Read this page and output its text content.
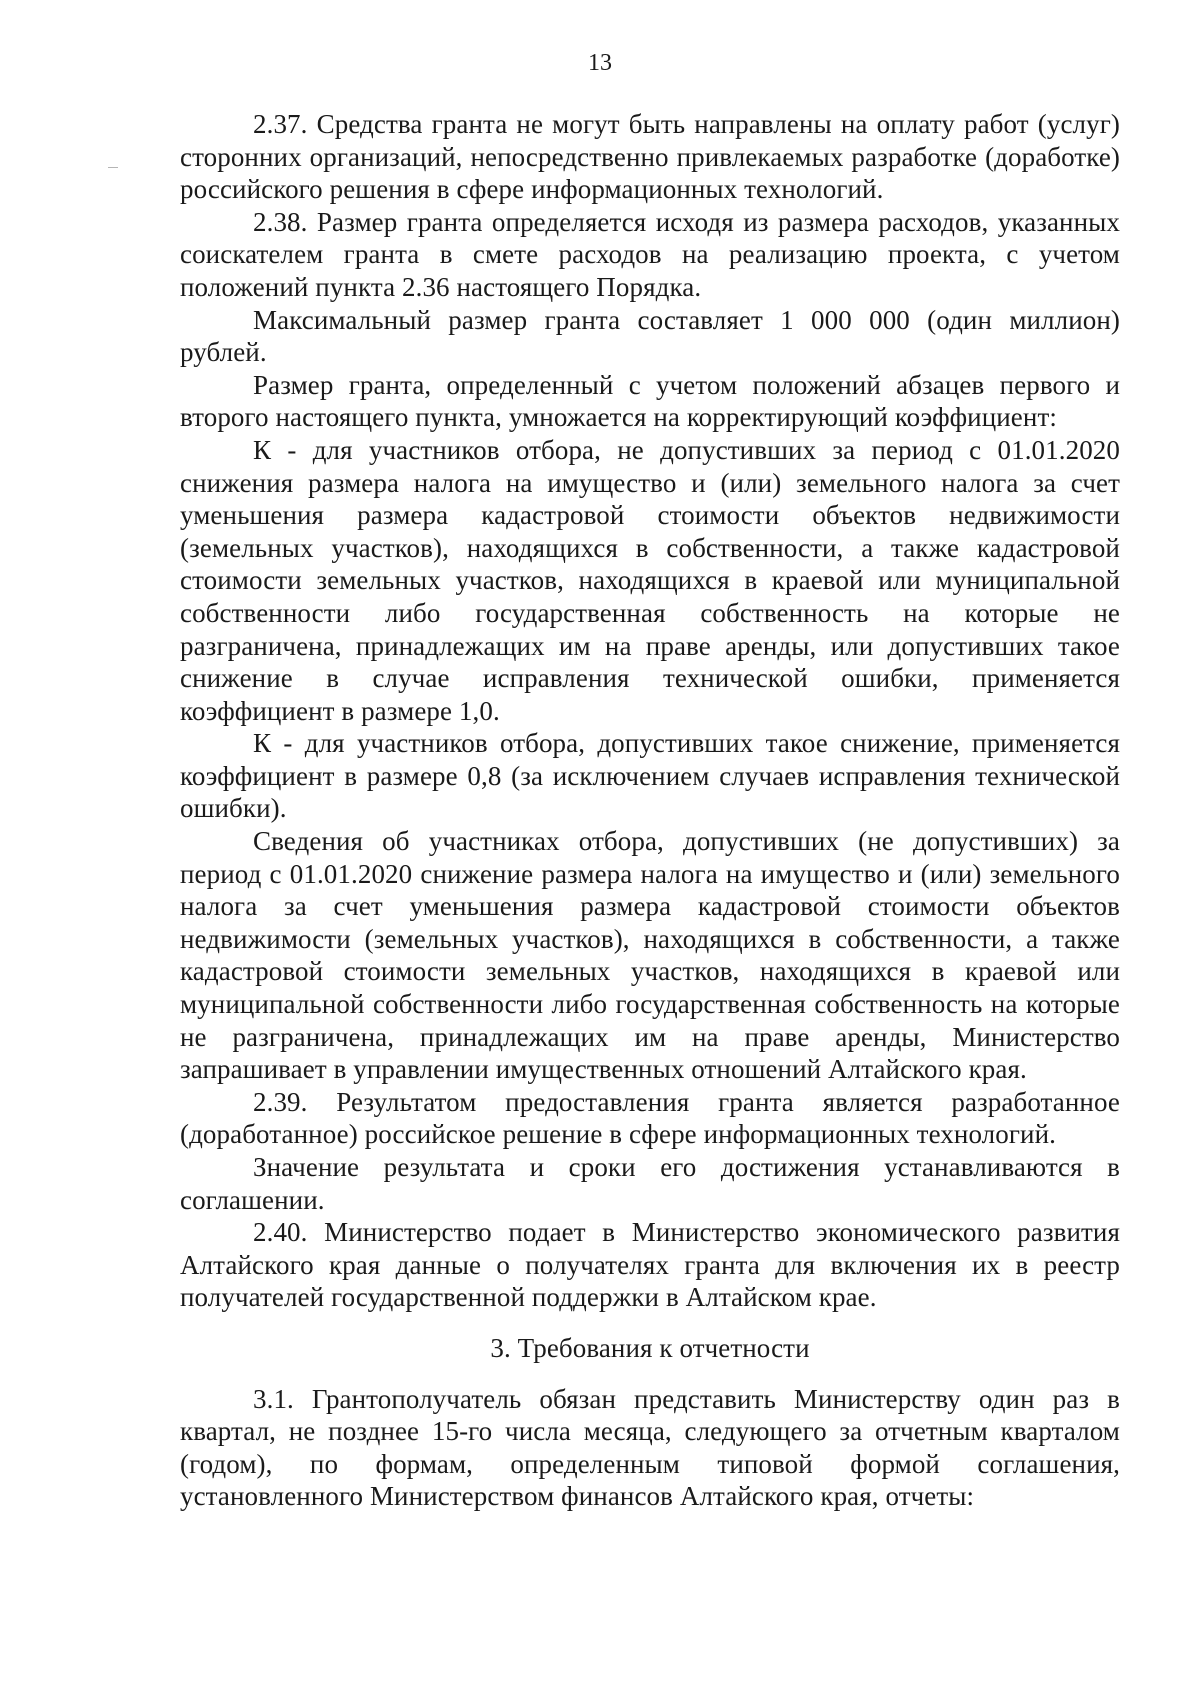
13

2.37. Средства гранта не могут быть направлены на оплату работ (услуг) сторонних организаций, непосредственно привлекаемых разработке (доработке) российского решения в сфере информационных технологий.

2.38. Размер гранта определяется исходя из размера расходов, указанных соискателем гранта в смете расходов на реализацию проекта, с учетом положений пункта 2.36 настоящего Порядка.

Максимальный размер гранта составляет 1 000 000 (один миллион) рублей.

Размер гранта, определенный с учетом положений абзацев первого и второго настоящего пункта, умножается на корректирующий коэффициент:

К - для участников отбора, не допустивших за период с 01.01.2020 снижения размера налога на имущество и (или) земельного налога за счет уменьшения размера кадастровой стоимости объектов недвижимости (земельных участков), находящихся в собственности, а также кадастровой стоимости земельных участков, находящихся в краевой или муниципальной собственности либо государственная собственность на которые не разграничена, принадлежащих им на праве аренды, или допустивших такое снижение в случае исправления технической ошибки, применяется коэффициент в размере 1,0.

К - для участников отбора, допустивших такое снижение, применяется коэффициент в размере 0,8 (за исключением случаев исправления технической ошибки).

Сведения об участниках отбора, допустивших (не допустивших) за период с 01.01.2020 снижение размера налога на имущество и (или) земельного налога за счет уменьшения размера кадастровой стоимости объектов недвижимости (земельных участков), находящихся в собственности, а также кадастровой стоимости земельных участков, находящихся в краевой или муниципальной собственности либо государственная собственность на которые не разграничена, принадлежащих им на праве аренды, Министерство запрашивает в управлении имущественных отношений Алтайского края.

2.39. Результатом предоставления гранта является разработанное (доработанное) российское решение в сфере информационных технологий.

Значение результата и сроки его достижения устанавливаются в соглашении.

2.40. Министерство подает в Министерство экономического развития Алтайского края данные о получателях гранта для включения их в реестр получателей государственной поддержки в Алтайском крае.

3. Требования к отчетности

3.1. Грантополучатель обязан представить Министерству один раз в квартал, не позднее 15-го числа месяца, следующего за отчетным кварталом (годом), по формам, определенным типовой формой соглашения, установленного Министерством финансов Алтайского края, отчеты:
